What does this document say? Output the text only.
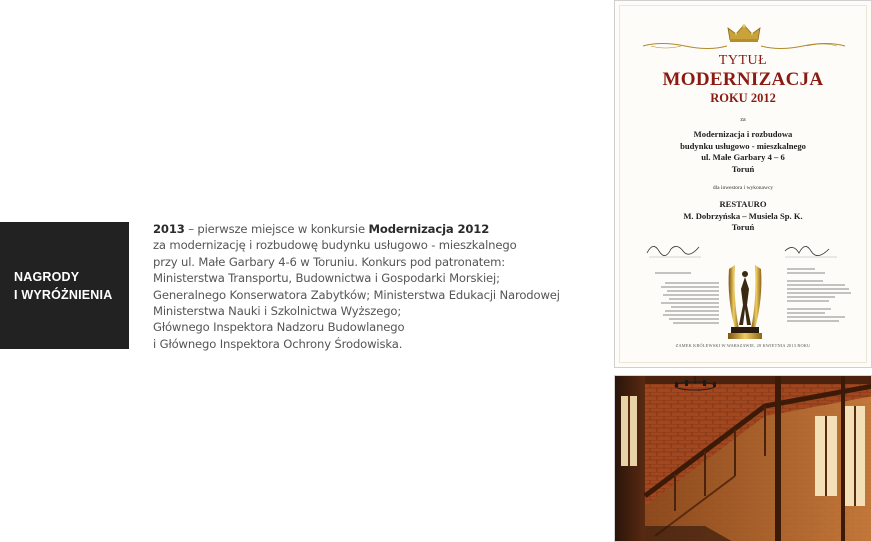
NAGRODY
I WYRÓŻNIENIA
2013 – pierwsze miejsce w konkursie Modernizacja 2012
za modernizację i rozbudowę budynku usługowo - mieszkalnego
przy ul. Małe Garbary 4-6 w Toruniu. Konkurs pod patronatem:
Ministerstwa Transportu, Budownictwa i Gospodarki Morskiej;
Generalnego Konserwatora Zabytków; Ministerstwa Edukacji Narodowej
Ministerstwa Nauki i Szkolnictwa Wyższego;
Głównego Inspektora Nadzoru Budowlanego
i Głównego Inspektora Ochrony Środowiska.
TYTUŁ
MODERNIZACJA
ROKU 2012
za
Modernizacja i rozbudowa
budynku usługowo - mieszkalnego
ul. Małe Garbary 4 – 6
Toruń
dla inwestora i wykonawcy
RESTAURO
M. Dobrzyńska – Musiela Sp. K.
Toruń
ZAMEK KRÓLEWSKI W WARSZAWIE, 28 KWIETNIA 2013 ROKU
